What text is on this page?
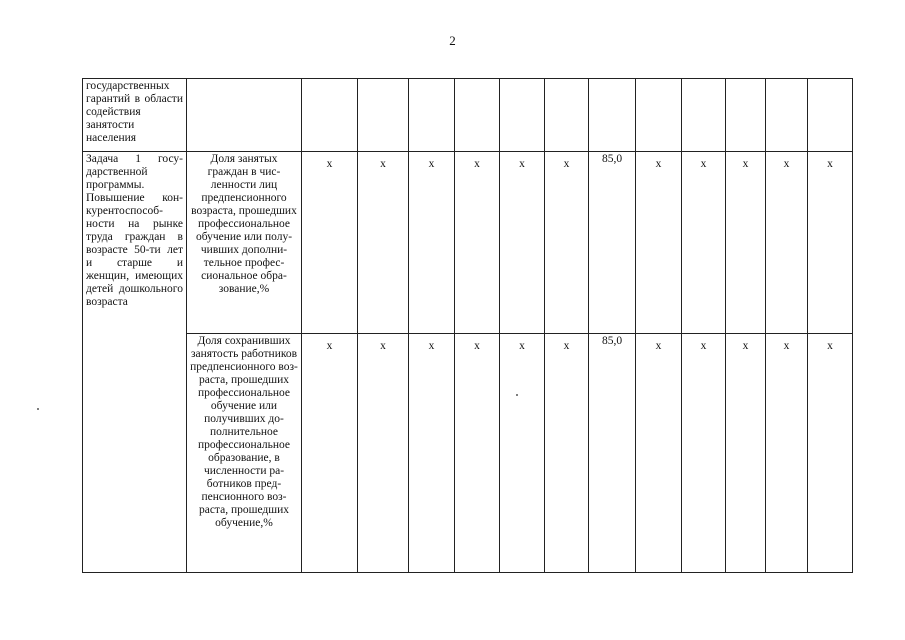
2
государственных гарантий в области содействия занятости населения													
Задача 1 государственной программы. Повышение конкурентоспособности на рынке труда граждан в возрасте 50-ти лет и старше и женщин, имеющих детей дошкольного возраста	Доля занятых граждан в численности лиц предпенсионного возраста, прошедших профессиональное обучение или получивших дополнительное профессиональное образование,%	x	x	x	x	x	x	85,0	x	x	x	x	x
	Доля сохранивших занятость работников предпенсионного возраста, прошедших профессиональное обучение или получивших дополнительное профессиональное образование, в численности работников предпенсионного возраста, прошедших обучение,%	x	x	x	x	x	x	85,0	x	x	x	x	x
